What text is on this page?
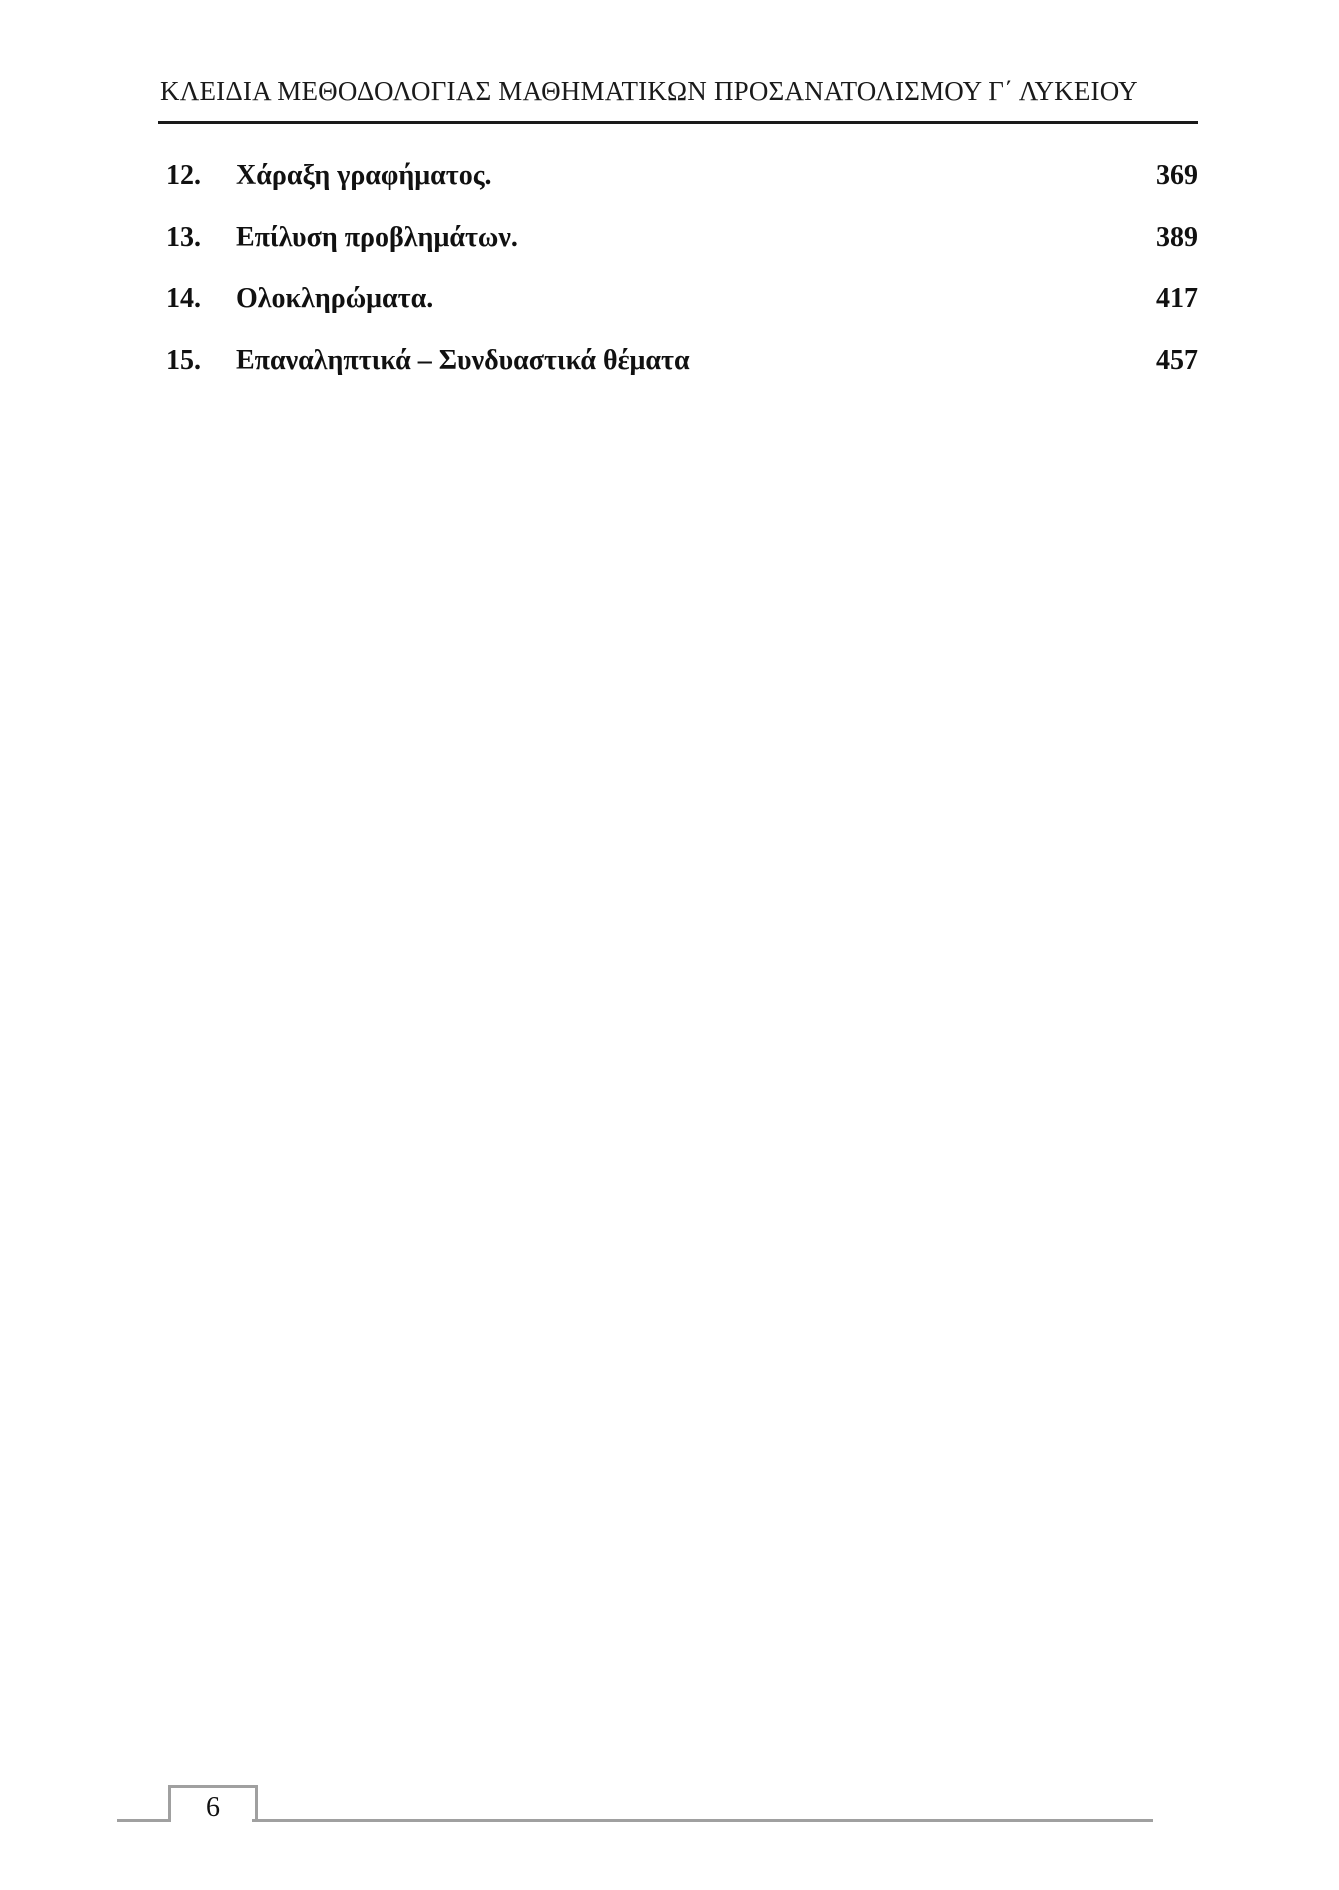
ΚΛΕΙΔΙΑ ΜΕΘΟΔΟΛΟΓΙΑΣ ΜΑΘΗΜΑΤΙΚΩΝ ΠΡΟΣΑΝΑΤΟΛΙΣΜΟΥ Γ΄ ΛΥΚΕΙΟΥ
12. Χάραξη γραφήματος.	369
13. Επίλυση προβλημάτων.	389
14. Ολοκληρώματα.	417
15. Επαναληπτικά – Συνδυαστικά θέματα	457
6
